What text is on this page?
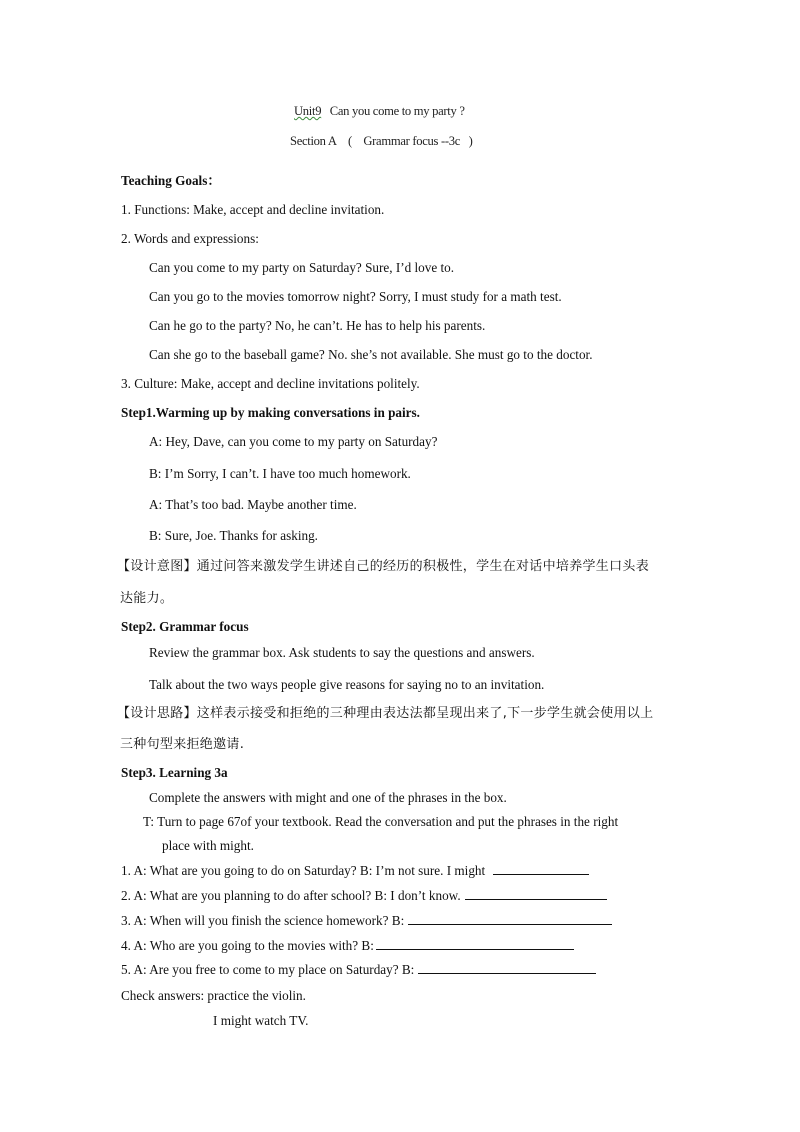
Unit9 Can you come to my party ?
Section A ( Grammar focus --3c )
Teaching Goals：
1. Functions: Make, accept and decline invitation.
2. Words and expressions:
Can you come to my party on Saturday? Sure, I’d love to.
Can you go to the movies tomorrow night? Sorry, I must study for a math test.
Can he go to the party? No, he can’t. He has to help his parents.
Can she go to the baseball game? No. she’s not available. She must go to the doctor.
3. Culture: Make, accept and decline invitations politely.
Step1.Warming up by making conversations in pairs.
A: Hey, Dave, can you come to my party on Saturday?
B: I’m Sorry, I can’t. I have too much homework.
A: That’s too bad. Maybe another time.
B: Sure, Joe. Thanks for asking.
【设计意图】通过问答来激发学生讲述自己的经历的积极性，学生在对话中培养学生口头表
达能力。
Step2. Grammar focus
Review the grammar box. Ask students to say the questions and answers.
Talk about the two ways people give reasons for saying no to an invitation.
【设计思路】这样表示接受和拒绝的三种理由表达法都呈现出来了,下一步学生就会使用以上
三种句型来拒绝邀请.
Step3. Learning 3a
Complete the answers with might and one of the phrases in the box.
T: Turn to page 67of your textbook. Read the conversation and put the phrases in the right
place with might.
1. A: What are you going to do on Saturday? B: I’m not sure. I might
2. A: What are you planning to do after school? B: I don’t know.
3. A: When will you finish the science homework? B:
4. A: Who are you going to the movies with? B:
5. A: Are you free to come to my place on Saturday? B:
Check answers: practice the violin.
I might watch TV.
